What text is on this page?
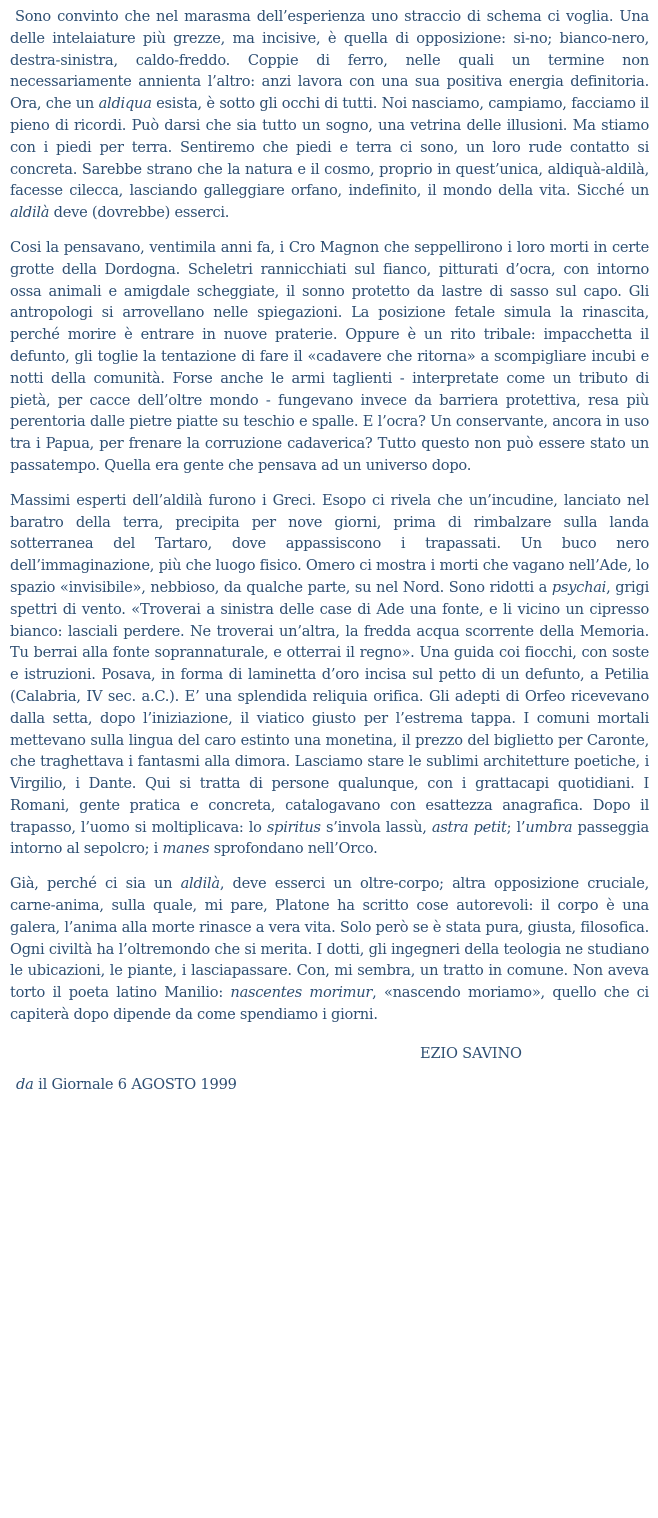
Sono convinto che nel marasma dell’esperienza uno straccio di schema ci voglia. Una delle intelaiature più grezze, ma incisive, è quella di opposizione: si-no; bianco-nero, destra-sinistra, caldo-freddo. Coppie di ferro, nelle quali un termine non necessariamente annienta l’altro: anzi lavora con una sua positiva energia definitoria. Ora, che un aldiqua esista, è sotto gli occhi di tutti. Noi nasciamo, campiamo, facciamo il pieno di ricordi. Può darsi che sia tutto un sogno, una vetrina delle illusioni. Ma stiamo con i piedi per terra. Sentiremo che piedi e terra ci sono, un loro rude contatto si concreta. Sarebbe strano che la natura e il cosmo, proprio in quest’unica, aldiquà-aldilà, facesse cilecca, lasciando galleggiare orfano, indefinito, il mondo della vita. Sicché un aldilà deve (dovrebbe) esserci.

Cosi la pensavano, ventimila anni fa, i Cro Magnon che seppellirono i loro morti in certe grotte della Dordogna. Scheletri rannicchiati sul fianco, pitturati d’ocra, con intorno ossa animali e amigdale scheggiate, il sonno protetto da lastre di sasso sul capo. Gli antropologi si arrovellano nelle spiegazioni. La posizione fetale simula la rinascita, perché morire è entrare in nuove praterie. Oppure è un rito tribale: impacchetta il defunto, gli toglie la tentazione di fare il «cadavere che ritorna» a scompigliare incubi e notti della comunità. Forse anche le armi taglienti - interpretate come un tributo di pietà, per cacce dell’oltre mondo - fungevano invece da barriera protettiva, resa più perentoria dalle pietre piatte su teschio e spalle. E l’ocra? Un conservante, ancora in uso tra i Papua, per frenare la corruzione cadaverica? Tutto questo non può essere stato un passatempo. Quella era gente che pensava ad un universo dopo.

Massimi esperti dell’aldilà furono i Greci. Esopo ci rivela che un’incudine, lanciato nel baratro della terra, precipita per nove giorni, prima di rimbalzare sulla landa sotterranea del Tartaro, dove appassiscono i trapassati. Un buco nero dell’immaginazione, più che luogo fisico. Omero ci mostra i morti che vagano nell’Ade, lo spazio «invisibile», nebbioso, da qualche parte, su nel Nord. Sono ridotti a psychai, grigi spettri di vento. «Troverai a sinistra delle case di Ade una fonte, e li vicino un cipresso bianco: lasciali perdere. Ne troverai un’altra, la fredda acqua scorrente della Memoria. Tu berrai alla fonte soprannaturale, e otterrai il regno». Una guida coi fiocchi, con soste e istruzioni. Posava, in forma di laminetta d’oro incisa sul petto di un defunto, a Petilia (Calabria, IV sec. a.C.). E’ una splendida reliquia orifica. Gli adepti di Orfeo ricevevano dalla setta, dopo l’iniziazione, il viatico giusto per l’estrema tappa. I comuni mortali mettevano sulla lingua del caro estinto una monetina, il prezzo del biglietto per Caronte, che traghettava i fantasmi alla dimora. Lasciamo stare le sublimi architetture poetiche, i Virgilio, i Dante. Qui si tratta di persone qualunque, con i grattacapi quotidiani. I Romani, gente pratica e concreta, catalogavano con esattezza anagrafica. Dopo il trapasso, l’uomo si moltiplicava: lo spiritus s’invola lassù, astra petit; l’umbra passeggia intorno al sepolcro; i manes sprofondano nell’Orco.

Già, perché ci sia un aldilà, deve esserci un oltre-corpo; altra opposizione cruciale, carne-anima, sulla quale, mi pare, Platone ha scritto cose autorevoli: il corpo è una galera, l’anima alla morte rinasce a vera vita. Solo però se è stata pura, giusta, filosofica. Ogni civiltà ha l’oltremondo che si merita. I dotti, gli ingegneri della teologia ne studiano le ubicazioni, le piante, i lasciapassare. Con, mi sembra, un tratto in comune. Non aveva torto il poeta latino Manilio: nascentes morimur, «nascendo moriamo», quello che ci capiterà dopo dipende da come spendiamo i giorni.

EZIO SAVINO
da il Giornale 6 AGOSTO 1999
